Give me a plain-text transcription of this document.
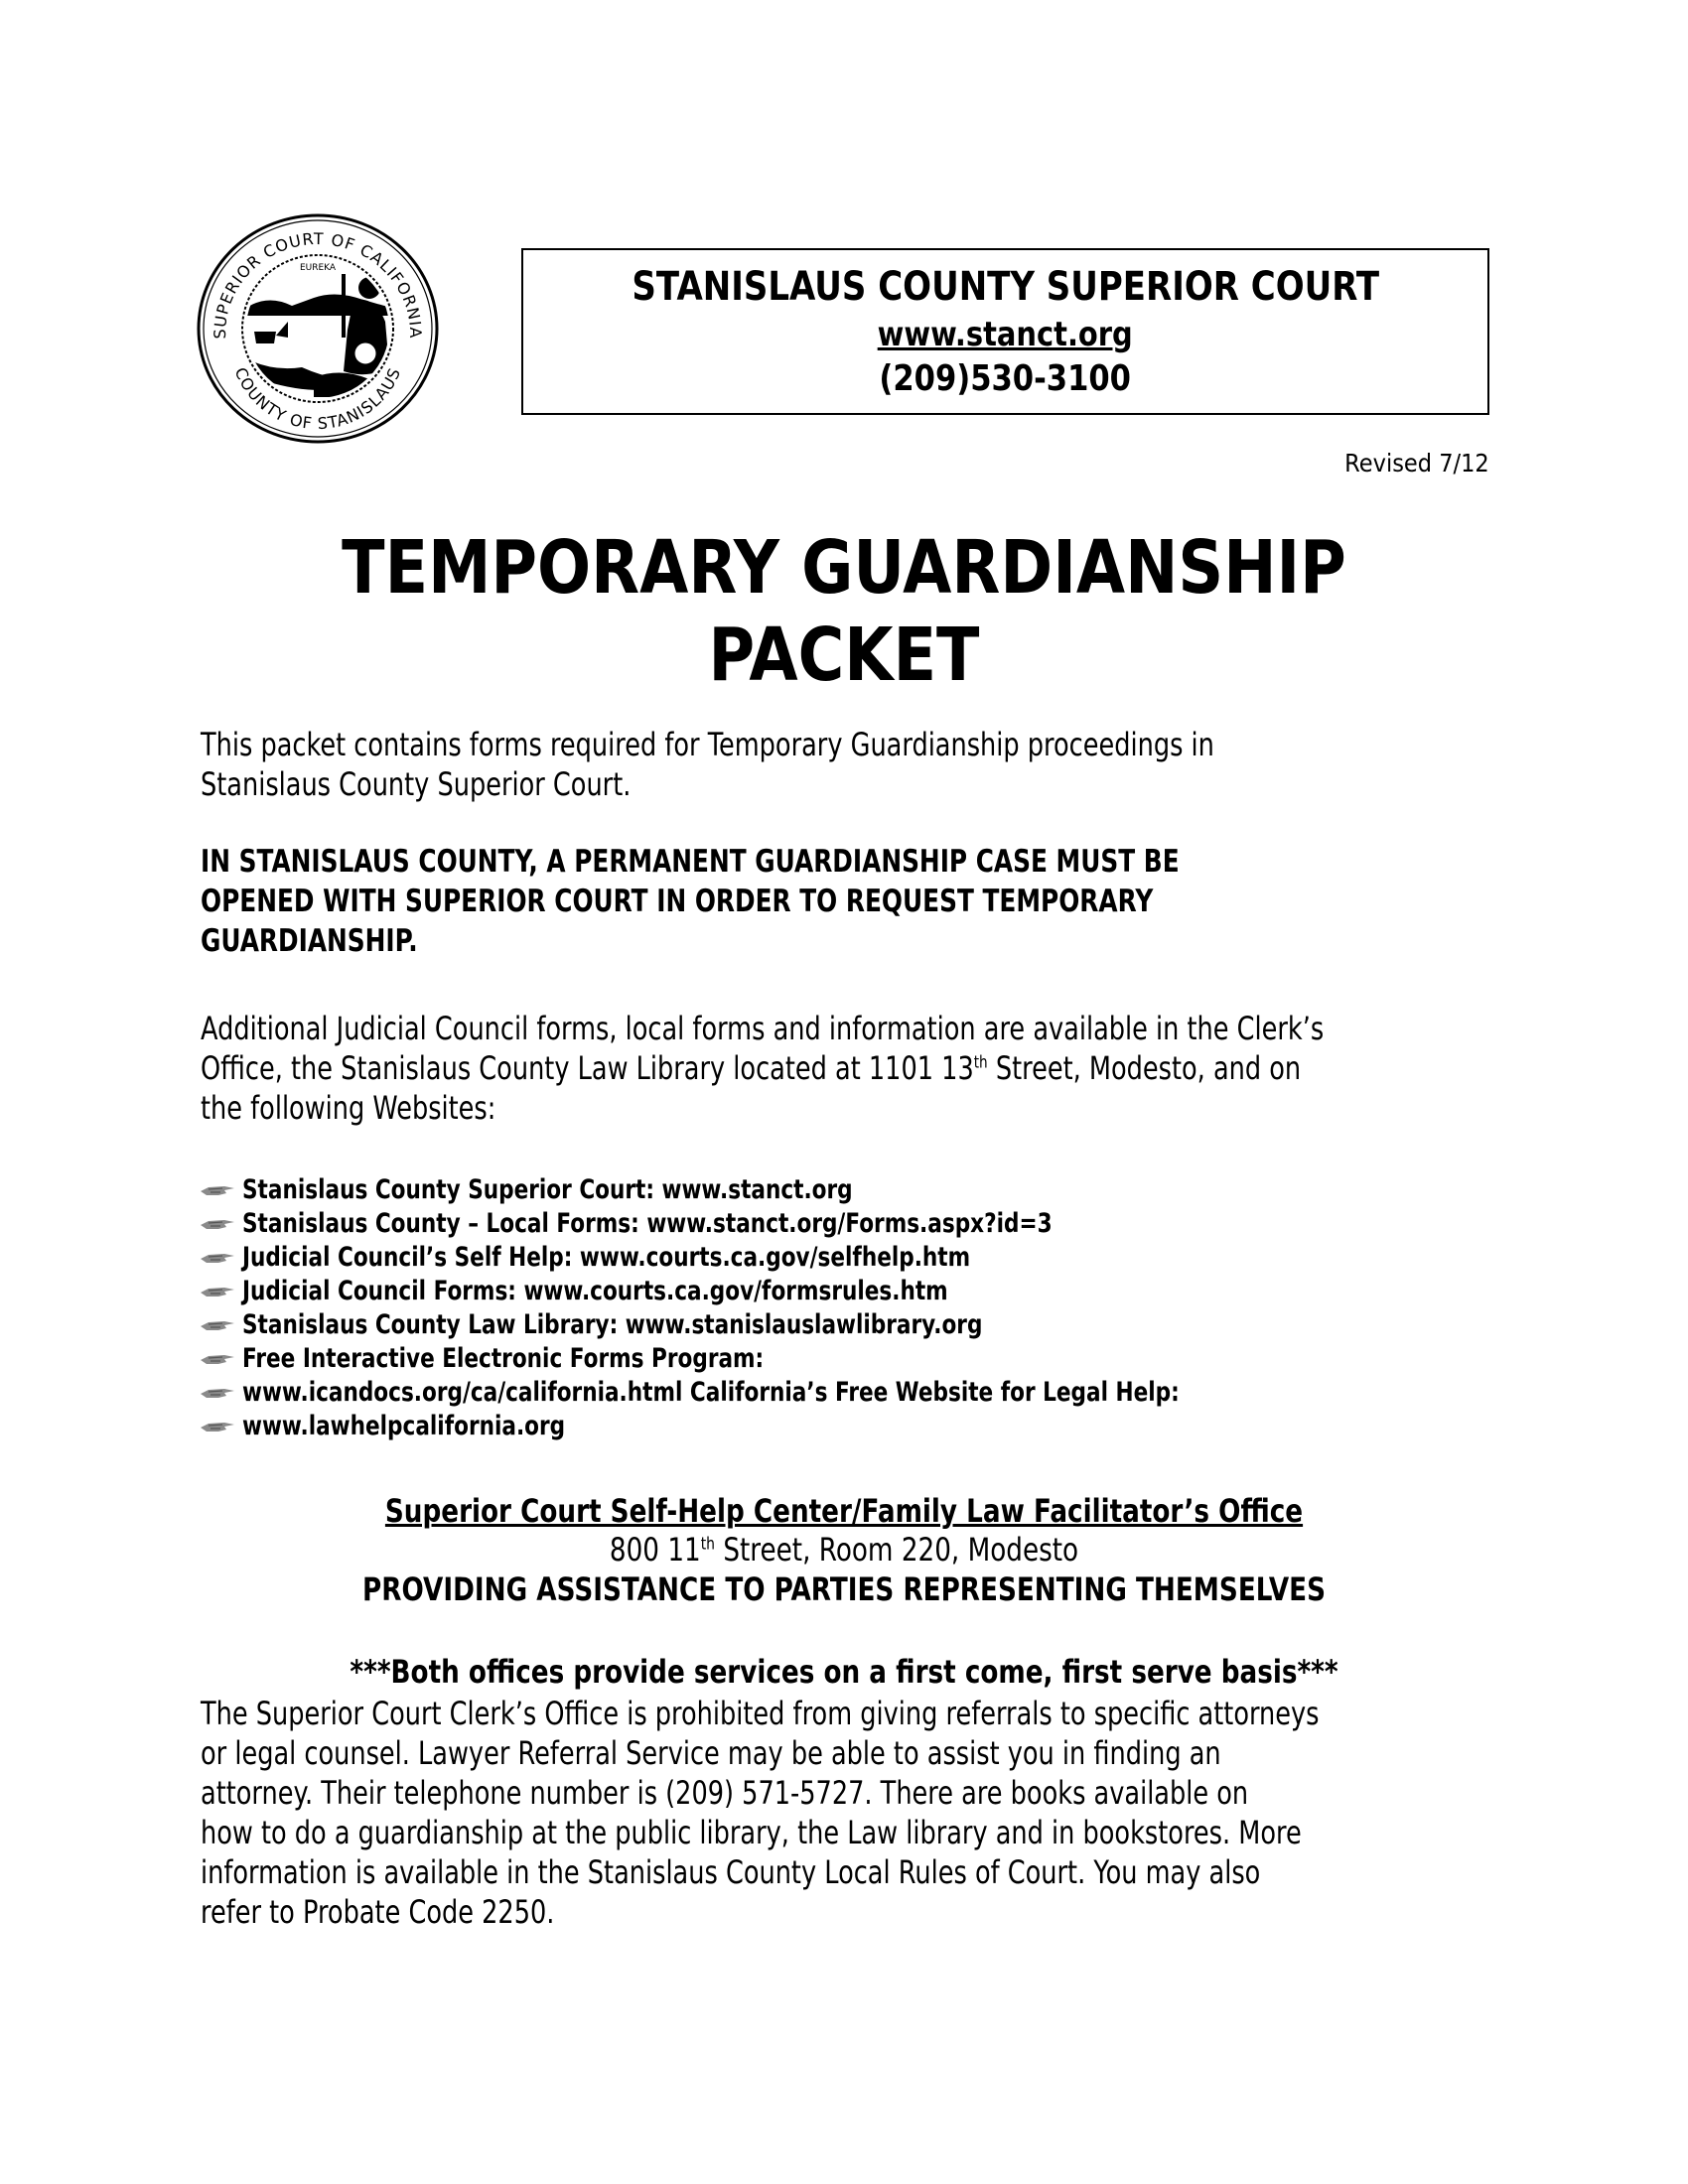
SUPERIOR COURT OF CALIFORNIA
COUNTY OF STANISLAUS
EUREKA	STANISLAUS COUNTY SUPERIOR COURT
www.stanct.org
(209)530-3100
Revised 7/12
TEMPORARY GUARDIANSHIP
PACKET
This packet contains forms required for Temporary Guardianship proceedings in
Stanislaus County Superior Court.
IN STANISLAUS COUNTY, A PERMANENT GUARDIANSHIP CASE MUST BE
OPENED WITH SUPERIOR COURT IN ORDER TO REQUEST TEMPORARY
GUARDIANSHIP.
Additional Judicial Council forms, local forms and information are available in the Clerk’s
Office, the Stanislaus County Law Library located at 1101 13th Street, Modesto, and on
the following Websites:
Stanislaus County Superior Court: www.stanct.org
Stanislaus County – Local Forms: www.stanct.org/Forms.aspx?id=3
Judicial Council’s Self Help: www.courts.ca.gov/selfhelp.htm
Judicial Council Forms: www.courts.ca.gov/formsrules.htm
Stanislaus County Law Library: www.stanislauslawlibrary.org
Free Interactive Electronic Forms Program:
www.icandocs.org/ca/california.html California’s Free Website for Legal Help:
www.lawhelpcalifornia.org
Superior Court Self-Help Center/Family Law Facilitator’s Office
800 11th Street, Room 220, Modesto
PROVIDING ASSISTANCE TO PARTIES REPRESENTING THEMSELVES
***Both offices provide services on a first come, first serve basis***
The Superior Court Clerk’s Office is prohibited from giving referrals to specific attorneys
or legal counsel. Lawyer Referral Service may be able to assist you in finding an
attorney. Their telephone number is (209) 571-5727. There are books available on
how to do a guardianship at the public library, the Law library and in bookstores. More
information is available in the Stanislaus County Local Rules of Court. You may also
refer to Probate Code 2250.
